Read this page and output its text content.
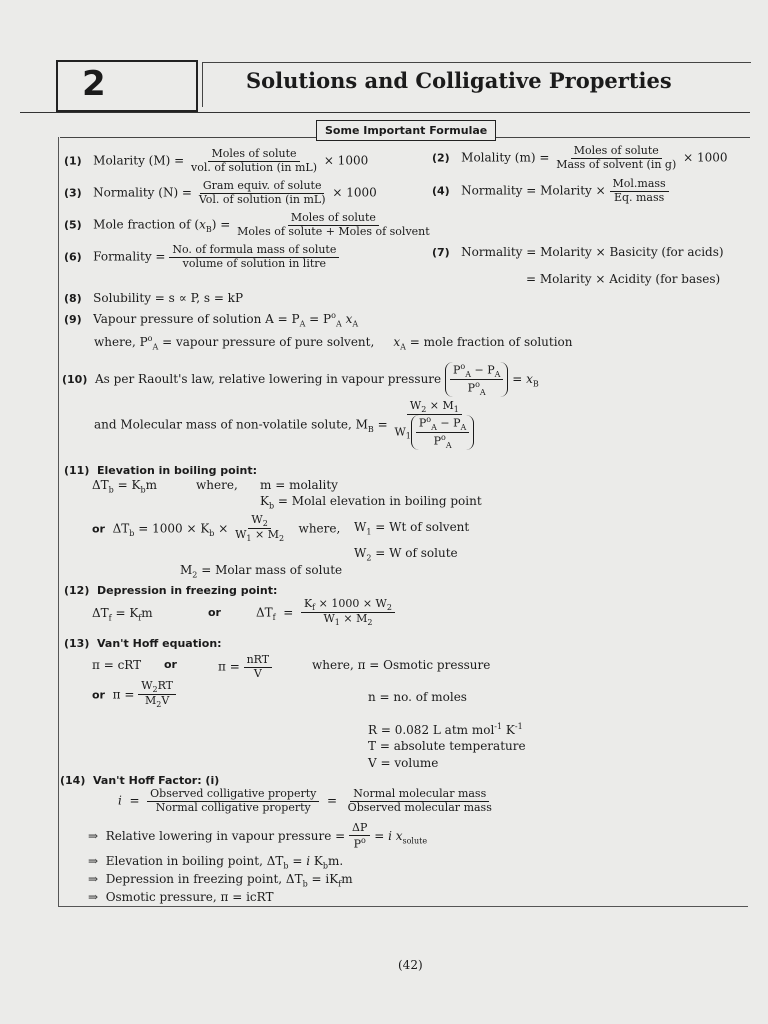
2	Solutions and Colligative Properties
Some Important Formulae
(1) Molarity $(M) = \frac{\text{Moles of solute}}{\text{vol. of solution (in mL)}} \times 1000$	(2) Molality $(m) = \frac{\text{Moles of solute}}{\text{Mass of solvent (in g)}} \times 1000$
(3) Normality $(N) = \frac{\text{Gram equiv. of solute}}{\text{Vol. of solution (in mL)}} \times 1000$	(4) Normality = Molarity × $\frac{\text{Mol.mass}}{\text{Eq. mass}}$
(5) Mole fraction of $(x_B) = \frac{\text{Moles of solute}}{\text{Moles of solute + Moles of solvent}}$
(6) Formality = $\frac{\text{No. of formula mass of solute}}{\text{volume of solution in litre}}$	(7) Normality = Molarity × Basicity (for acids)
= Molarity × Acidity (for bases)
(8) Solubility = s ∝ P, s = kP
(9) Vapour pressure of solution $A = P_A = P^o_A$ $x_A$
where, $P^o_A$ = vapour pressure of pure solvent, $x_A$ = mole fraction of solution
(10) As per Raoult's law, relative lowering in vapour pressure $\frac{P^o_A - P_A}{P^o_A} = x_B$
and Molecular mass of non-volatile solute, $M_B = \frac{W_2 \times M_1}{W_1 \frac{P^o_A - P_A}{P^o_A}}$
(11) Elevation in boiling point:
$\Delta T_b = K_bm$	where, m = molality
$K_b$ = Molal elevation in boiling point
or  $\Delta T_b = 1000 \times K_b \times \frac{W_2}{W_1 \times M_2}$ where, $W_1 = Wt$ of solvent
$W_2 = W$ of solute
$M_2$ = Molar mass of solute
(12) Depression in freezing point:
$\Delta T_f = K_fm$	or	$\Delta T_f = \frac{K_f \times 1000 \times W_2}{W_1 \times M_2}$
(13) Van't Hoff equation:
π = cRT or	$\pi = \frac{\text{nRT}}{V}$	where, π = Osmotic pressure
or  $\pi = \frac{W_2RT}{M_2V}$	n = no. of moles
R = 0.082 L atm mol$^{-1}$ $K^{-1}$
T = absolute temperature
V = volume
(14) Van't Hoff Factor: (i)
$i = \frac{\text{Observed colligative property}}{\text{Normal colligative property}} = \frac{\text{Normal molecular mass}}{\text{Observed molecular mass}}$
⇒  Relative lowering in vapour pressure = $\frac{\Delta P}{P^o} = i$ $x_{solute}$
⇒  Elevation in boiling point, $\Delta T_b = i$ $K_bm$.
⇒  Depression in freezing point, $\Delta T_b = iK_fm$
⇒  Osmotic pressure, π = icRT
(42)
